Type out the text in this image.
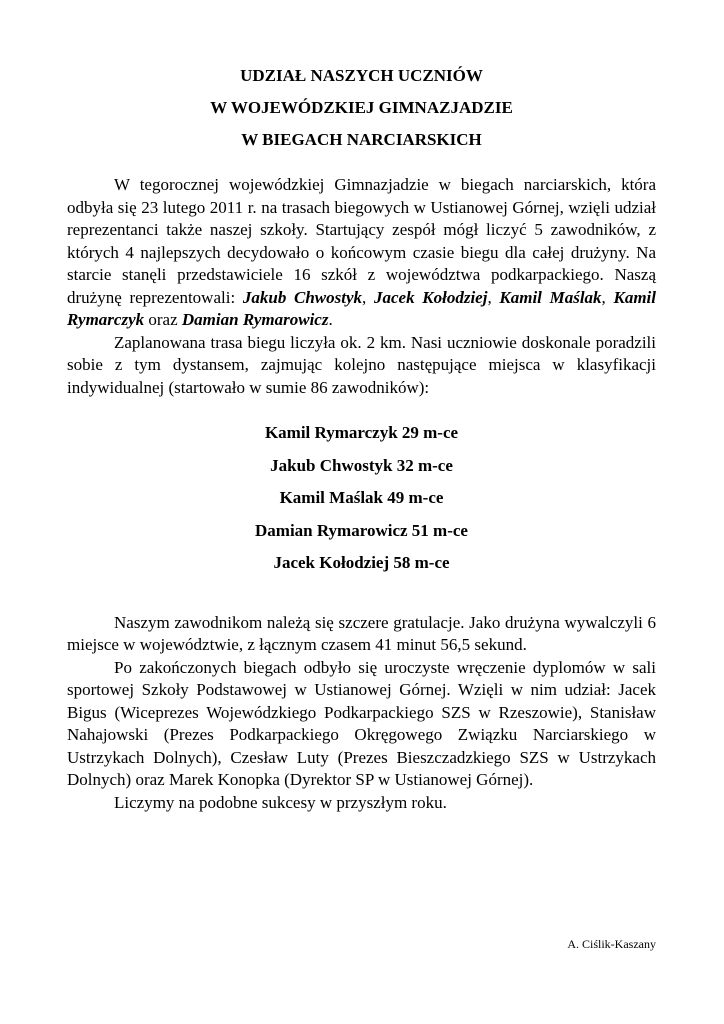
UDZIAŁ NASZYCH UCZNIÓW

W WOJEWÓDZKIEJ GIMNAZJADZIE

W BIEGACH NARCIARSKICH

W tegorocznej wojewódzkiej Gimnazjadzie w biegach narciarskich, która odbyła się 23 lutego 2011 r. na trasach biegowych w Ustianowej Górnej, wzięli udział reprezentanci także naszej szkoły. Startujący zespół mógł liczyć 5 zawodników, z których 4 najlepszych decydowało o końcowym czasie biegu dla całej drużyny. Na starcie stanęli przedstawiciele 16 szkół z województwa podkarpackiego. Naszą drużynę reprezentowali: Jakub Chwostyk, Jacek Kołodziej, Kamil Maślak, Kamil Rymarczyk oraz Damian Rymarowicz.

Zaplanowana trasa biegu liczyła ok. 2 km. Nasi uczniowie doskonale poradzili sobie z tym dystansem, zajmując kolejno następujące miejsca w klasyfikacji indywidualnej (startowało w sumie 86 zawodników):

Kamil Rymarczyk 29 m-ce

Jakub Chwostyk 32 m-ce

Kamil Maślak 49 m-ce

Damian Rymarowicz 51 m-ce

Jacek Kołodziej 58 m-ce

Naszym zawodnikom należą się szczere gratulacje. Jako drużyna wywalczyli 6 miejsce w województwie, z łącznym czasem 41 minut 56,5 sekund.

Po zakończonych biegach odbyło się uroczyste wręczenie dyplomów w sali sportowej Szkoły Podstawowej w Ustianowej Górnej. Wzięli w nim udział: Jacek Bigus (Wiceprezes Wojewódzkiego Podkarpackiego SZS w Rzeszowie), Stanisław Nahajowski (Prezes Podkarpackiego Okręgowego Związku Narciarskiego w Ustrzykach Dolnych), Czesław Luty (Prezes Bieszczadzkiego SZS w Ustrzykach Dolnych) oraz Marek Konopka (Dyrektor SP w Ustianowej Górnej).

Liczymy na podobne sukcesy w przyszłym roku.

A. Ciślik-Kaszany
